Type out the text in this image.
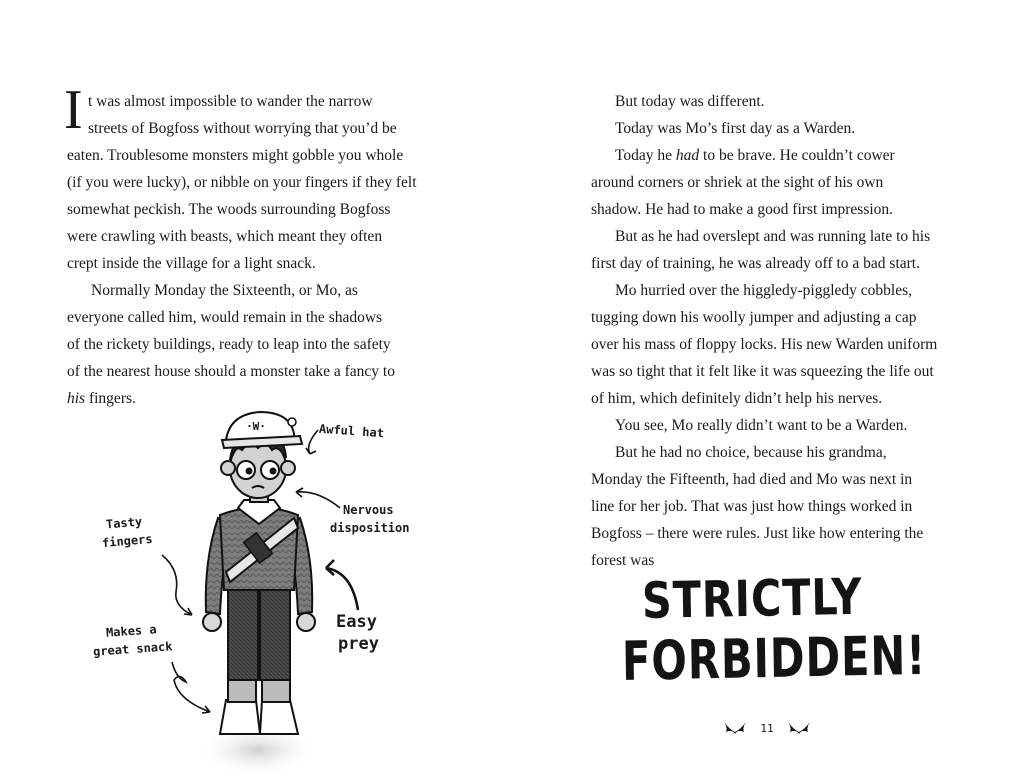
I t was almost impossible to wander the narrow

streets of Bogfoss without worrying that you’d be

eaten. Troublesome monsters might gobble you whole

(if you were lucky), or nibble on your fingers if they felt

somewhat peckish. The woods surrounding Bogfoss

were crawling with beasts, which meant they often

crept inside the village for a light snack.

Normally Monday the Sixteenth, or Mo, as

everyone called him, would remain in the shadows

of the rickety buildings, ready to leap into the safety

of the nearest house should a monster take a fancy to

his fingers.

·W·	Awful hat
Nervous
disposition
Tasty
fingers
Makes a
great snack
Easy
prey

But today was different.

Today was Mo’s first day as a Warden.

Today he had to be brave. He couldn’t cower

around corners or shriek at the sight of his own

shadow. He had to make a good first impression.

But as he had overslept and was running late to his

first day of training, he was already off to a bad start.

Mo hurried over the higgledy-piggledy cobbles,

tugging down his woolly jumper and adjusting a cap

over his mass of floppy locks. His new Warden uniform

was so tight that it felt like it was squeezing the life out

of him, which definitely didn’t help his nerves.

You see, Mo really didn’t want to be a Warden.

But he had no choice, because his grandma,

Monday the Fifteenth, had died and Mo was next in

line for her job. That was just how things worked in

Bogfoss – there were rules. Just like how entering the

forest was

STRICTLY
FORBIDDEN!
11
